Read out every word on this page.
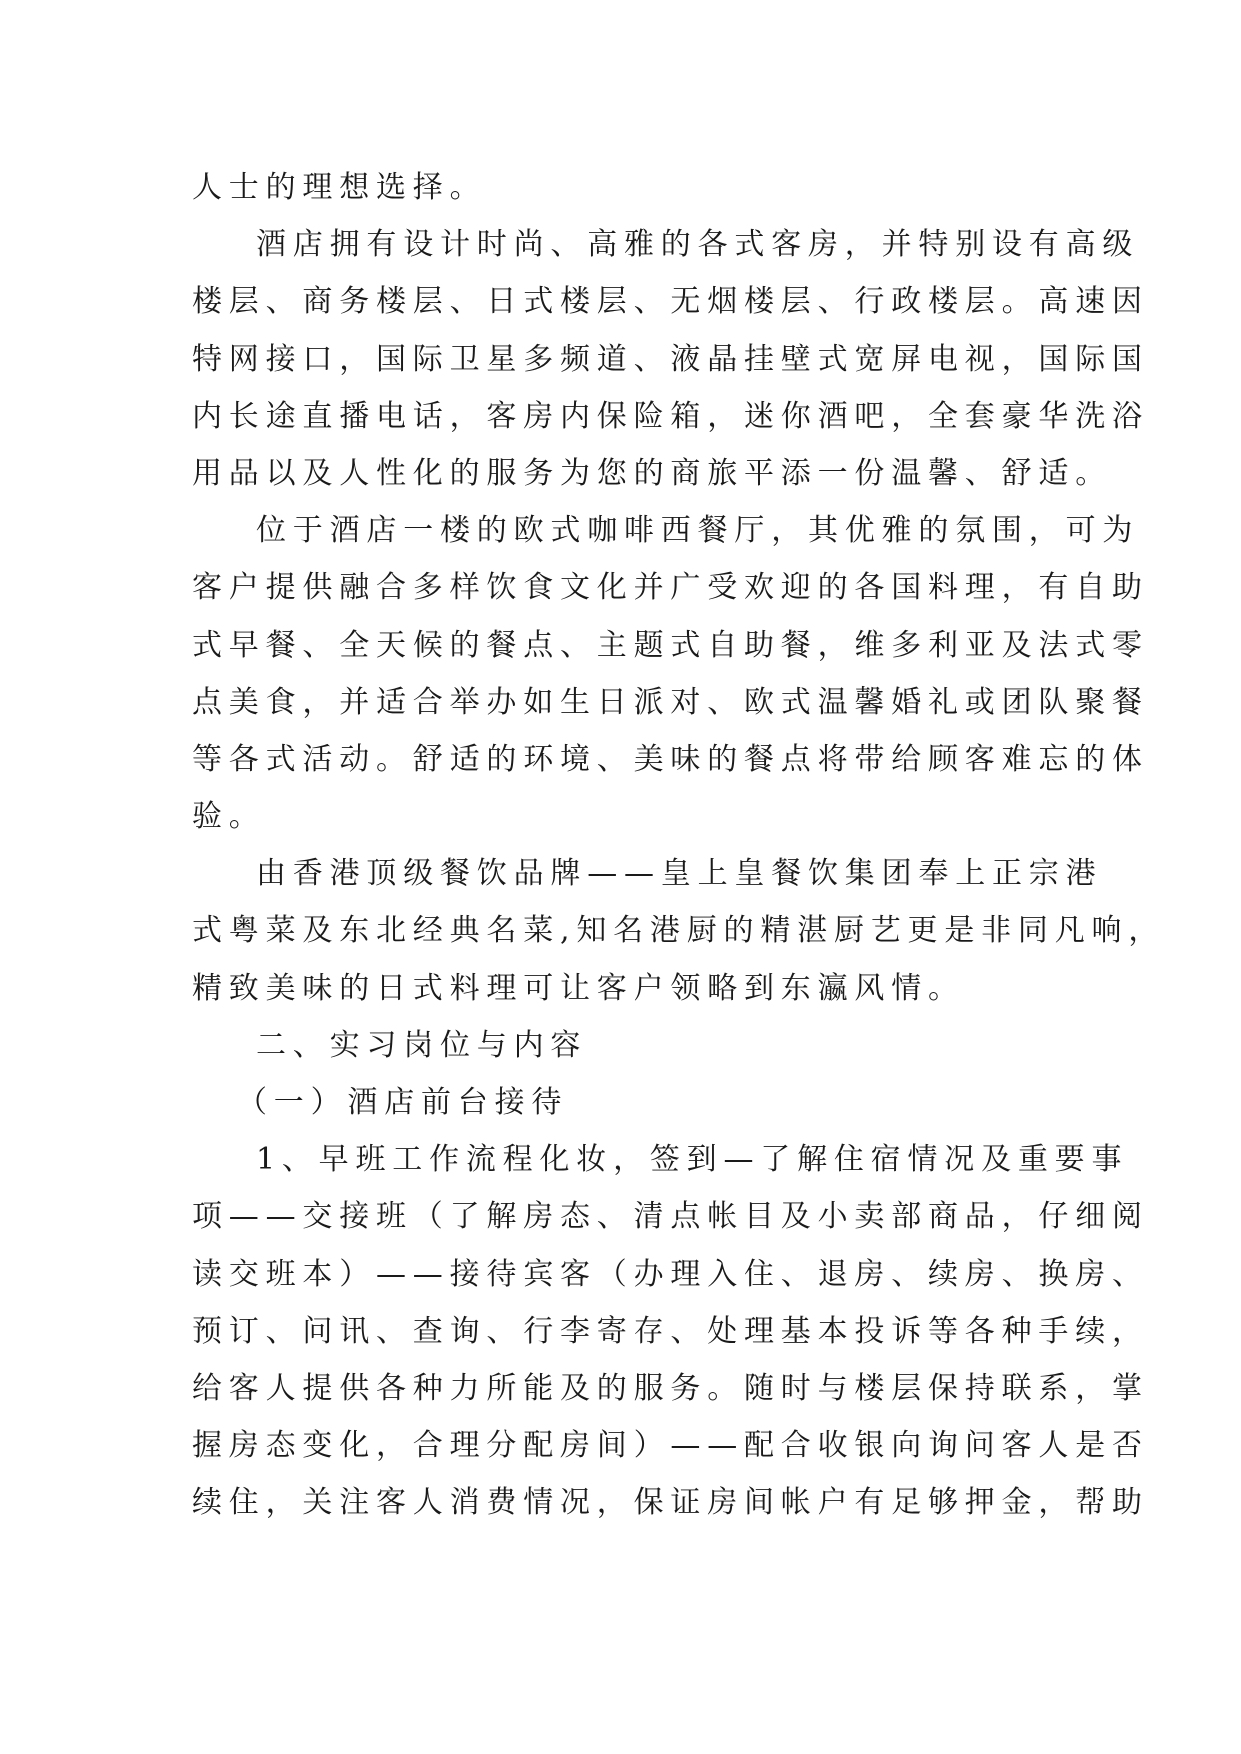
人士的理想选择。
酒店拥有设计时尚、高雅的各式客房，并特别设有高级
楼层、商务楼层、日式楼层、无烟楼层、行政楼层。高速因
特网接口，国际卫星多频道、液晶挂壁式宽屏电视，国际国
内长途直播电话，客房内保险箱，迷你酒吧，全套豪华洗浴
用品以及人性化的服务为您的商旅平添一份温馨、舒适。
位于酒店一楼的欧式咖啡西餐厅，其优雅的氛围，可为
客户提供融合多样饮食文化并广受欢迎的各国料理，有自助
式早餐、全天候的餐点、主题式自助餐，维多利亚及法式零
点美食，并适合举办如生日派对、欧式温馨婚礼或团队聚餐
等各式活动。舒适的环境、美味的餐点将带给顾客难忘的体
验。
由香港顶级餐饮品牌——皇上皇餐饮集团奉上正宗港
式粤菜及东北经典名菜,知名港厨的精湛厨艺更是非同凡响，
精致美味的日式料理可让客户领略到东瀛风情。
二、实习岗位与内容
（一）酒店前台接待
1、早班工作流程化妆，签到—了解住宿情况及重要事
项——交接班（了解房态、清点帐目及小卖部商品，仔细阅
读交班本）——接待宾客（办理入住、退房、续房、换房、
预订、问讯、查询、行李寄存、处理基本投诉等各种手续，
给客人提供各种力所能及的服务。随时与楼层保持联系，掌
握房态变化，合理分配房间）——配合收银向询问客人是否
续住，关注客人消费情况，保证房间帐户有足够押金，帮助
